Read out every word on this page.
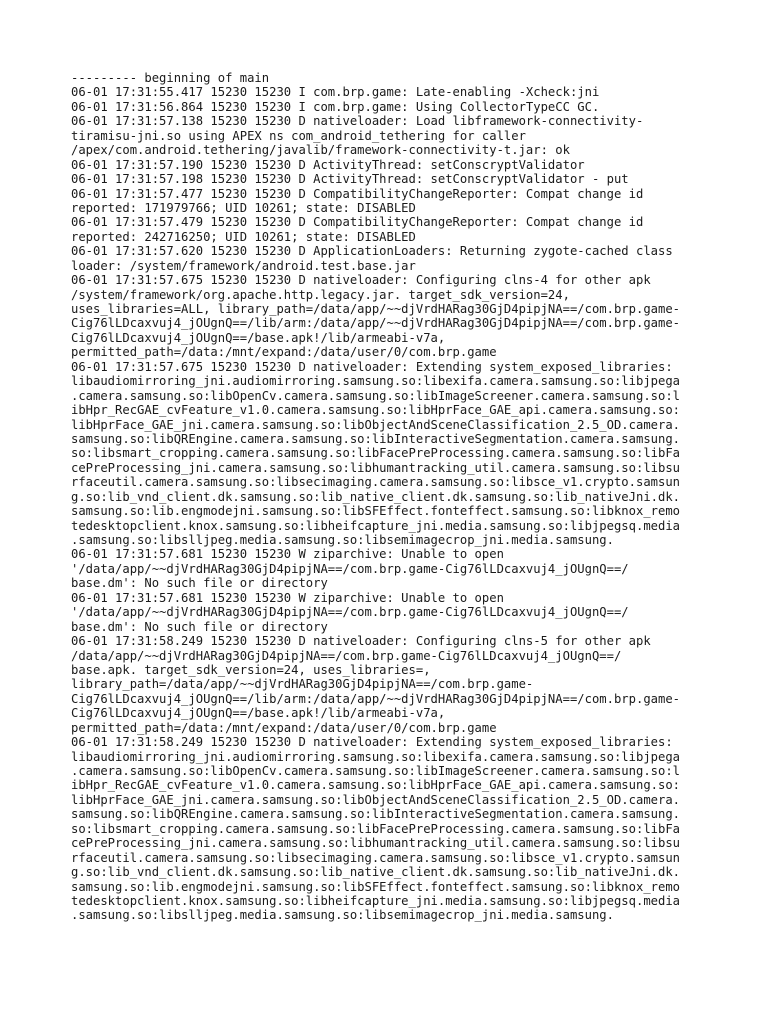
--------- beginning of main
06-01 17:31:55.417 15230 15230 I com.brp.game: Late-enabling -Xcheck:jni
06-01 17:31:56.864 15230 15230 I com.brp.game: Using CollectorTypeCC GC.
06-01 17:31:57.138 15230 15230 D nativeloader: Load libframework-connectivity-
tiramisu-jni.so using APEX ns com_android_tethering for caller
/apex/com.android.tethering/javalib/framework-connectivity-t.jar: ok
06-01 17:31:57.190 15230 15230 D ActivityThread: setConscryptValidator
06-01 17:31:57.198 15230 15230 D ActivityThread: setConscryptValidator - put
06-01 17:31:57.477 15230 15230 D CompatibilityChangeReporter: Compat change id
reported: 171979766; UID 10261; state: DISABLED
06-01 17:31:57.479 15230 15230 D CompatibilityChangeReporter: Compat change id
reported: 242716250; UID 10261; state: DISABLED
06-01 17:31:57.620 15230 15230 D ApplicationLoaders: Returning zygote-cached class
loader: /system/framework/android.test.base.jar
06-01 17:31:57.675 15230 15230 D nativeloader: Configuring clns-4 for other apk
/system/framework/org.apache.http.legacy.jar. target_sdk_version=24,
uses_libraries=ALL, library_path=/data/app/~~djVrdHARag30GjD4pipjNA==/com.brp.game-
Cig76lLDcaxvuj4_jOUgnQ==/lib/arm:/data/app/~~djVrdHARag30GjD4pipjNA==/com.brp.game-
Cig76lLDcaxvuj4_jOUgnQ==/base.apk!/lib/armeabi-v7a,
permitted_path=/data:/mnt/expand:/data/user/0/com.brp.game
06-01 17:31:57.675 15230 15230 D nativeloader: Extending system_exposed_libraries:
libaudiomirroring_jni.audiomirroring.samsung.so:libexifa.camera.samsung.so:libjpega
.camera.samsung.so:libOpenCv.camera.samsung.so:libImageScreener.camera.samsung.so:l
ibHpr_RecGAE_cvFeature_v1.0.camera.samsung.so:libHprFace_GAE_api.camera.samsung.so:
libHprFace_GAE_jni.camera.samsung.so:libObjectAndSceneClassification_2.5_OD.camera.
samsung.so:libQREngine.camera.samsung.so:libInteractiveSegmentation.camera.samsung.
so:libsmart_cropping.camera.samsung.so:libFacePreProcessing.camera.samsung.so:libFa
cePreProcessing_jni.camera.samsung.so:libhumantracking_util.camera.samsung.so:libsu
rfaceutil.camera.samsung.so:libsecimaging.camera.samsung.so:libsce_v1.crypto.samsun
g.so:lib_vnd_client.dk.samsung.so:lib_native_client.dk.samsung.so:lib_nativeJni.dk.
samsung.so:lib.engmodejni.samsung.so:libSFEffect.fonteffect.samsung.so:libknox_remo
tedesktopclient.knox.samsung.so:libheifcapture_jni.media.samsung.so:libjpegsq.media
.samsung.so:libslljpeg.media.samsung.so:libsemimagecrop_jni.media.samsung.
06-01 17:31:57.681 15230 15230 W ziparchive: Unable to open
'/data/app/~~djVrdHARag30GjD4pipjNA==/com.brp.game-Cig76lLDcaxvuj4_jOUgnQ==/
base.dm': No such file or directory
06-01 17:31:57.681 15230 15230 W ziparchive: Unable to open
'/data/app/~~djVrdHARag30GjD4pipjNA==/com.brp.game-Cig76lLDcaxvuj4_jOUgnQ==/
base.dm': No such file or directory
06-01 17:31:58.249 15230 15230 D nativeloader: Configuring clns-5 for other apk
/data/app/~~djVrdHARag30GjD4pipjNA==/com.brp.game-Cig76lLDcaxvuj4_jOUgnQ==/
base.apk. target_sdk_version=24, uses_libraries=,
library_path=/data/app/~~djVrdHARag30GjD4pipjNA==/com.brp.game-
Cig76lLDcaxvuj4_jOUgnQ==/lib/arm:/data/app/~~djVrdHARag30GjD4pipjNA==/com.brp.game-
Cig76lLDcaxvuj4_jOUgnQ==/base.apk!/lib/armeabi-v7a,
permitted_path=/data:/mnt/expand:/data/user/0/com.brp.game
06-01 17:31:58.249 15230 15230 D nativeloader: Extending system_exposed_libraries:
libaudiomirroring_jni.audiomirroring.samsung.so:libexifa.camera.samsung.so:libjpega
.camera.samsung.so:libOpenCv.camera.samsung.so:libImageScreener.camera.samsung.so:l
ibHpr_RecGAE_cvFeature_v1.0.camera.samsung.so:libHprFace_GAE_api.camera.samsung.so:
libHprFace_GAE_jni.camera.samsung.so:libObjectAndSceneClassification_2.5_OD.camera.
samsung.so:libQREngine.camera.samsung.so:libInteractiveSegmentation.camera.samsung.
so:libsmart_cropping.camera.samsung.so:libFacePreProcessing.camera.samsung.so:libFa
cePreProcessing_jni.camera.samsung.so:libhumantracking_util.camera.samsung.so:libsu
rfaceutil.camera.samsung.so:libsecimaging.camera.samsung.so:libsce_v1.crypto.samsun
g.so:lib_vnd_client.dk.samsung.so:lib_native_client.dk.samsung.so:lib_nativeJni.dk.
samsung.so:lib.engmodejni.samsung.so:libSFEffect.fonteffect.samsung.so:libknox_remo
tedesktopclient.knox.samsung.so:libheifcapture_jni.media.samsung.so:libjpegsq.media
.samsung.so:libslljpeg.media.samsung.so:libsemimagecrop_jni.media.samsung.
